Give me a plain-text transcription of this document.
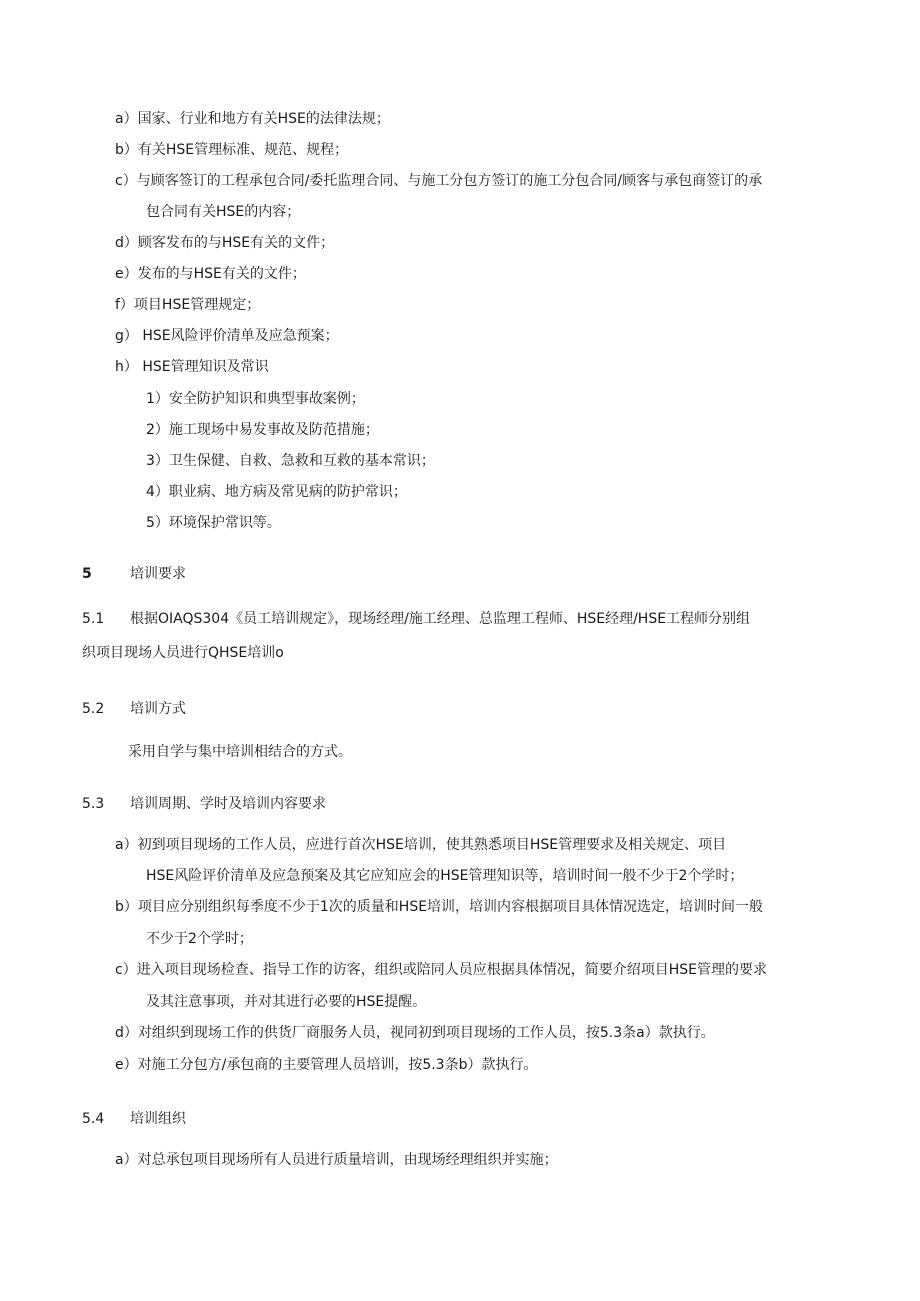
a）国家、行业和地方有关HSE的法律法规；
b）有关HSE管理标准、规范、规程；
c）与顾客签订的工程承包合同/委托监理合同、与施工分包方签订的施工分包合同/顾客与承包商签订的承
包合同有关HSE的内容；
d）顾客发布的与HSE有关的文件；
e）发布的与HSE有关的文件；
f）项目HSE管理规定；
g） HSE风险评价清单及应急预案；
h） HSE管理知识及常识
1）安全防护知识和典型事故案例；
2）施工现场中易发事故及防范措施；
3）卫生保健、自救、急救和互救的基本常识；
4）职业病、地方病及常见病的防护常识；
5）环境保护常识等。
5	培训要求
5.1 根据OIAQS304《员工培训规定》，现场经理/施工经理、总监理工程师、HSE经理/HSE工程师分别组
织项目现场人员进行QHSE培训o
5.2 培训方式
采用自学与集中培训相结合的方式。
5.3 培训周期、学时及培训内容要求
a）初到项目现场的工作人员，应进行首次HSE培训，使其熟悉项目HSE管理要求及相关规定、项目
HSE风险评价清单及应急预案及其它应知应会的HSE管理知识等，培训时间一般不少于2个学时；
b）项目应分别组织每季度不少于1次的质量和HSE培训，培训内容根据项目具体情况选定，培训时间一般
不少于2个学时；
c）进入项目现场检查、指导工作的访客，组织或陪同人员应根据具体情况，简要介绍项目HSE管理的要求
及其注意事项，并对其进行必要的HSE提醒。
d）对组织到现场工作的供货厂商服务人员，视同初到项目现场的工作人员，按5.3条a）款执行。
e）对施工分包方/承包商的主要管理人员培训，按5.3条b）款执行。
5.4 培训组织
a）对总承包项目现场所有人员进行质量培训，由现场经理组织并实施；
